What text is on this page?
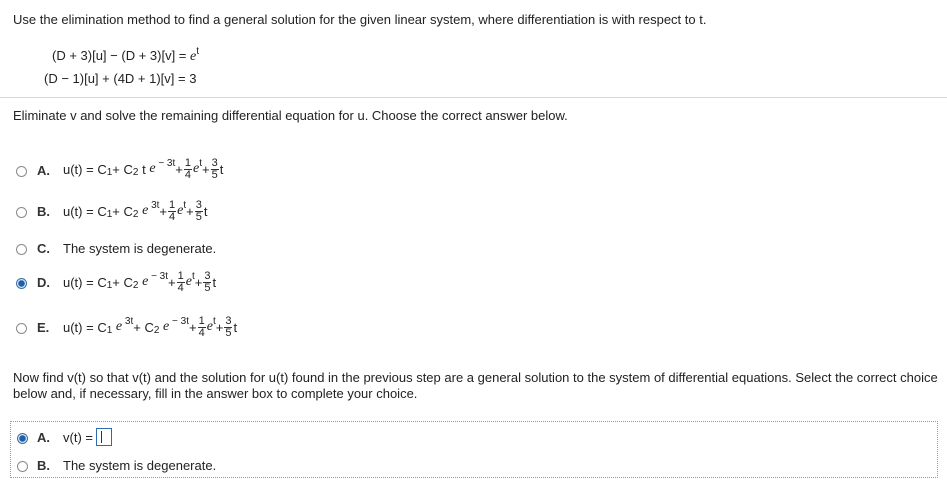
Use the elimination method to find a general solution for the given linear system, where differentiation is with respect to t.
$(D + 3)[u] - (D + 3)[v] = e^t$
(D − 1)[u] + (4D + 1)[v] = 3
Eliminate v and solve the remaining differential equation for u. Choose the correct answer below.
A. u(t) = C 1 + C 2
t
$e - 3t + \frac{1}{4}$ e $t + \frac{3}{5}$ t
B. u(t) = C 1 + C 2
e $3t + \frac{1}{4}$ e $t + \frac{3}{5}$ t
C. The system is degenerate.
D. u(t) = C 1 + C 2
$e - 3t + \frac{1}{4}$ e $t + \frac{3}{5}$ t
E. u(t) = C 1
e 3t + C 2
$e - 3t + \frac{1}{4}$ e $t + \frac{3}{5}$ t
Now find v(t) so that v(t) and the solution for u(t) found in the previous step are a general solution to the system of differential equations. Select the correct choice below and, if necessary, fill in the answer box to complete your choice.
A. v(t) =
B. The system is degenerate.
